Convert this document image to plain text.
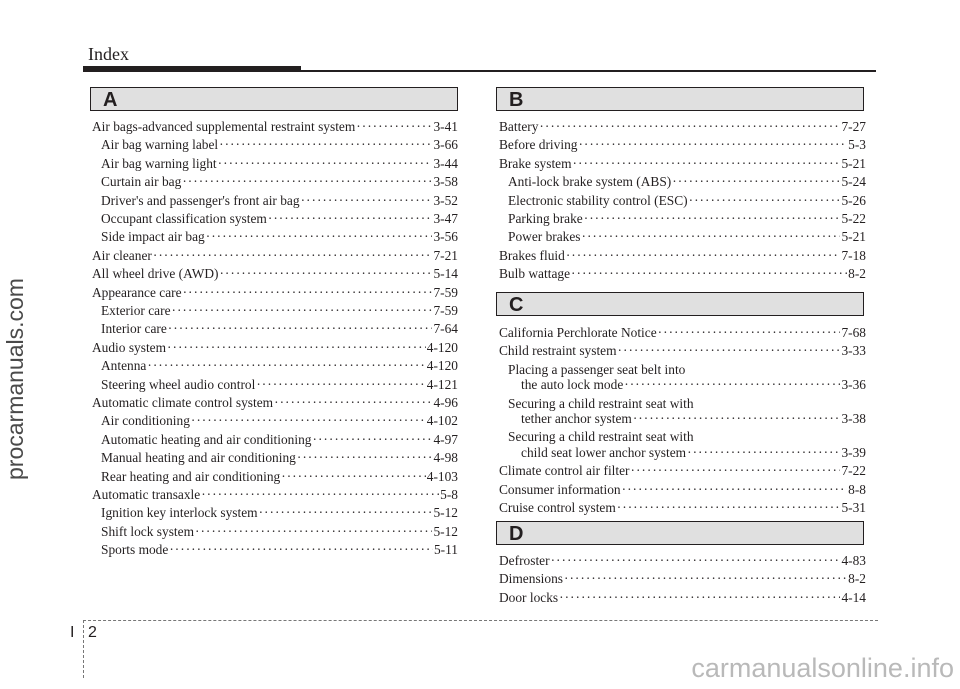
Index
procarmanuals.com
A
Air bags-advanced supplemental restraint system ·····	3-41
Air bag warning label ·····	3-66
Air bag warning light ·····	3-44
Curtain air bag ·····	3-58
Driver's and passenger's front air bag ·····	3-52
Occupant classification system ·····	3-47
Side impact air bag ·····	3-56
Air cleaner ·····	7-21
All wheel drive (AWD) ·····	5-14
Appearance care ·····	7-59
Exterior care ·····	7-59
Interior care ·····	7-64
Audio system ·····	4-120
Antenna ·····	4-120
Steering wheel audio control ·····	4-121
Automatic climate control system ·····	4-96
Air conditioning ·····	4-102
Automatic heating and air conditioning ·····	4-97
Manual heating and air conditioning ·····	4-98
Rear heating and air conditioning ·····	4-103
Automatic transaxle ·····	5-8
Ignition key interlock system ·····	5-12
Shift lock system ·····	5-12
Sports mode ·····	5-11
B
Battery ·····	7-27
Before driving ·····	5-3
Brake system ·····	5-21
Anti-lock brake system (ABS) ·····	5-24
Electronic stability control (ESC) ·····	5-26
Parking brake ·····	5-22
Power brakes ·····	5-21
Brakes fluid ·····	7-18
Bulb wattage ·····	8-2
C
California Perchlorate Notice ·····	7-68
Child restraint system ·····	3-33
Placing a passenger seat belt into
the auto lock mode ·····	3-36
Securing a child restraint seat with
tether anchor system ·····	3-38
Securing a child restraint seat with
child seat lower anchor system ·····	3-39
Climate control air filter ·····	7-22
Consumer information ·····	8-8
Cruise control system ·····	5-31
D
Defroster ·····	4-83
Dimensions ·····	8-2
Door locks ·····	4-14
I 2
carmanualsonline.info
